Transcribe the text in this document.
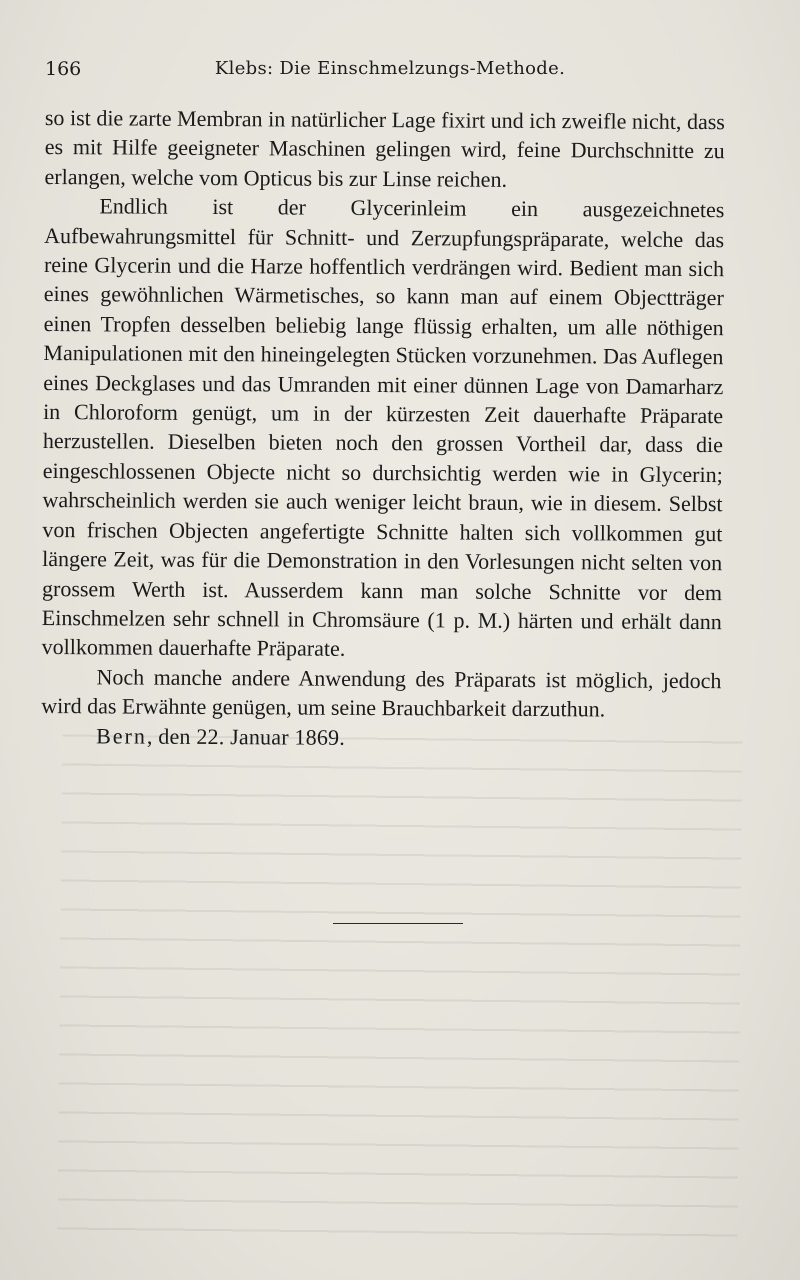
166	Klebs: Die Einschmelzungs-Methode.

so ist die zarte Membran in natürlicher Lage fixirt und ich zweifle nicht, dass es mit Hilfe geeigneter Maschinen gelingen wird, feine Durchschnitte zu erlangen, welche vom Opticus bis zur Linse reichen.

Endlich ist der Glycerinleim ein ausgezeichnetes Aufbewahrungsmittel für Schnitt- und Zerzupfungspräparate, welche das reine Glycerin und die Harze hoffentlich verdrängen wird. Bedient man sich eines gewöhnlichen Wärmetisches, so kann man auf einem Objectträger einen Tropfen desselben beliebig lange flüssig erhalten, um alle nöthigen Manipulationen mit den hineingelegten Stücken vorzunehmen. Das Auflegen eines Deckglases und das Umranden mit einer dünnen Lage von Damarharz in Chloroform genügt, um in der kürzesten Zeit dauerhafte Präparate herzustellen. Dieselben bieten noch den grossen Vortheil dar, dass die eingeschlossenen Objecte nicht so durchsichtig werden wie in Glycerin; wahrscheinlich werden sie auch weniger leicht braun, wie in diesem. Selbst von frischen Objecten angefertigte Schnitte halten sich vollkommen gut längere Zeit, was für die Demonstration in den Vorlesungen nicht selten von grossem Werth ist. Ausserdem kann man solche Schnitte vor dem Einschmelzen sehr schnell in Chromsäure (1 p. M.) härten und erhält dann vollkommen dauerhafte Präparate.

Noch manche andere Anwendung des Präparats ist möglich, jedoch wird das Erwähnte genügen, um seine Brauchbarkeit darzuthun.

Bern, den 22. Januar 1869.
